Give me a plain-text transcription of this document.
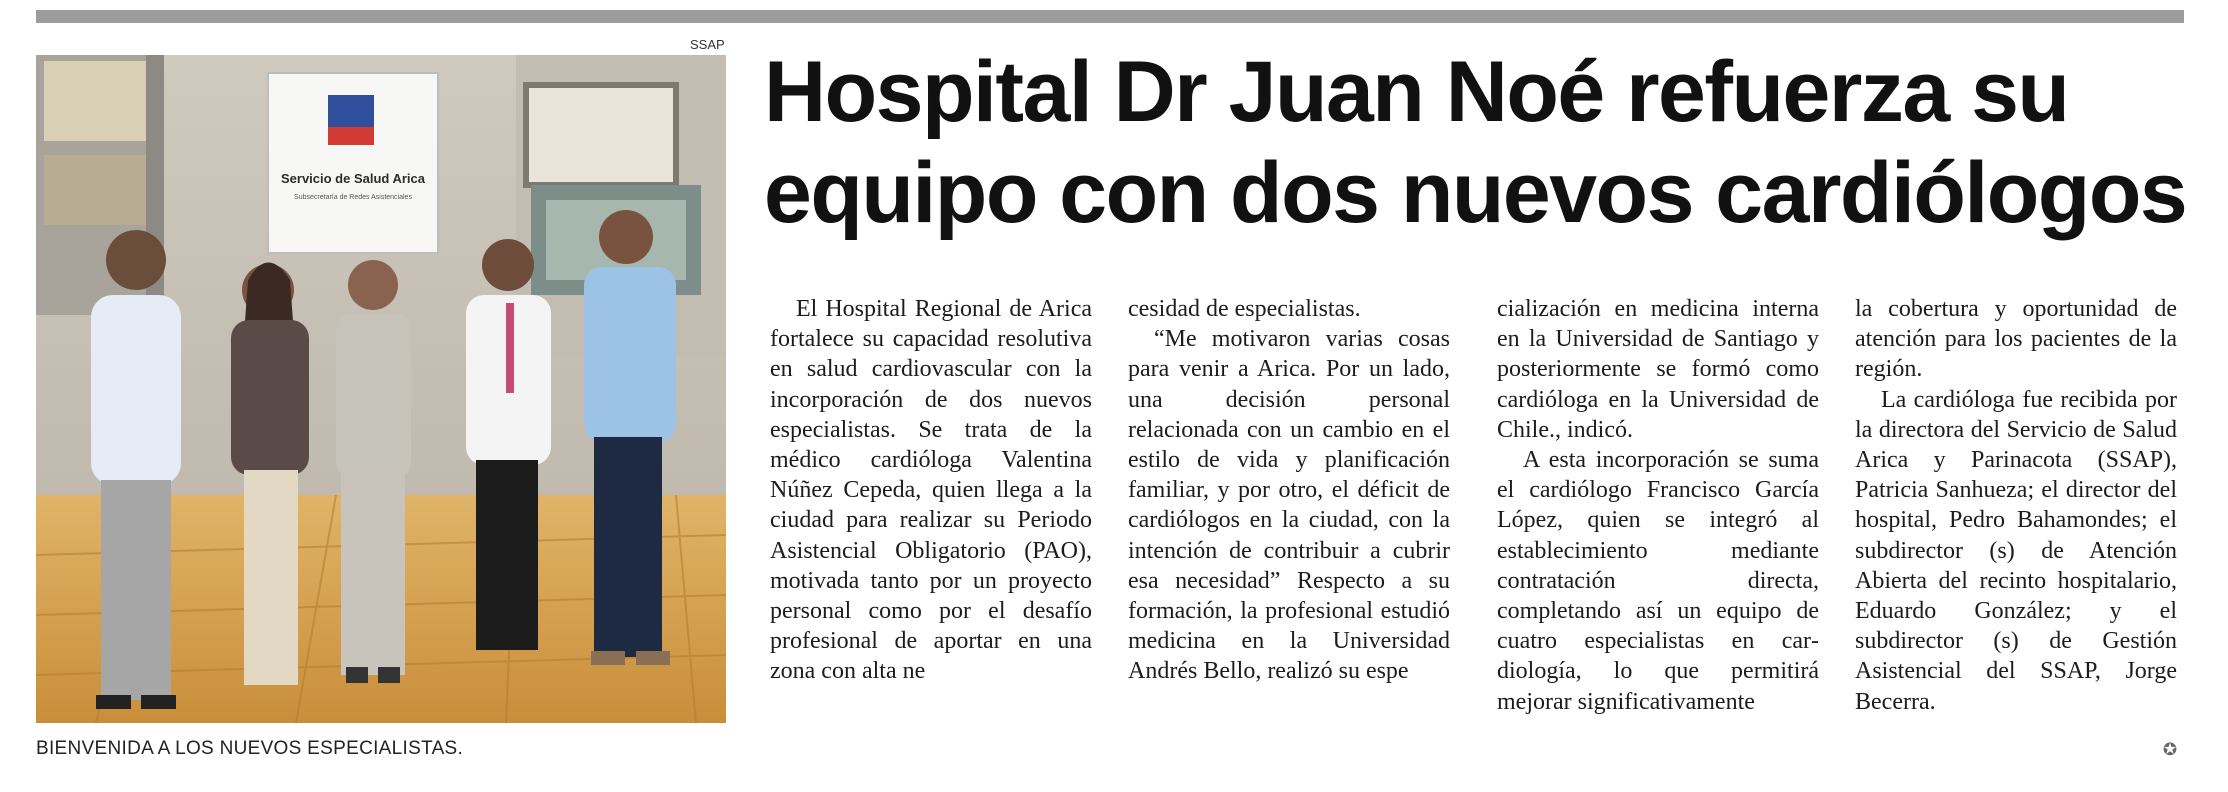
SSAP
Servicio de Salud Arica
Subsecretaría de Redes Asistenciales
BIENVENIDA A LOS NUEVOS ESPECIALISTAS.
Hospital Dr Juan Noé refuerza su equipo con dos nuevos cardiólogos

El Hospital Regional de Arica fortalece su capacidad resolutiva en salud cardiovascular con la incorporación de dos nuevos especialistas. Se trata de la médico cardióloga Valentina Núñez Cepeda, quien llega a la ciudad para realizar su Periodo Asistencial Obligatorio (PAO), motivada tanto por un proyecto personal como por el desafío profesional de aportar en una zona con alta ne

cesidad de especialistas.

“Me motivaron varias cosas para venir a Arica. Por un lado, una decisión personal relacionada con un cambio en el estilo de vida y planificación familiar, y por otro, el déficit de cardiólogos en la ciudad, con la intención de contribuir a cubrir esa necesidad” Respecto a su formación, la profesional estudió medicina en la Universidad Andrés Bello, realizó su espe

cialización en medicina interna en la Universidad de Santiago y posteriormente se formó como cardióloga en la Universidad de Chile., indicó.

A esta incorporación se suma el cardiólogo Francisco García López, quien se integró al establecimiento mediante contratación directa, completando así un equipo de cuatro especialistas en cardiología, lo que permitirá mejorar significativamente

la cobertura y oportunidad de atención para los pacientes de la región.

La cardióloga fue recibida por la directora del Servicio de Salud Arica y Parinacota (SSAP), Patricia Sanhueza; el director del hospital, Pedro Bahamondes; el subdirector (s) de Atención Abierta del recinto hospitalario, Eduardo González; y el subdirector (s) de Gestión Asistencial del SSAP, Jorge Becerra.

✪
